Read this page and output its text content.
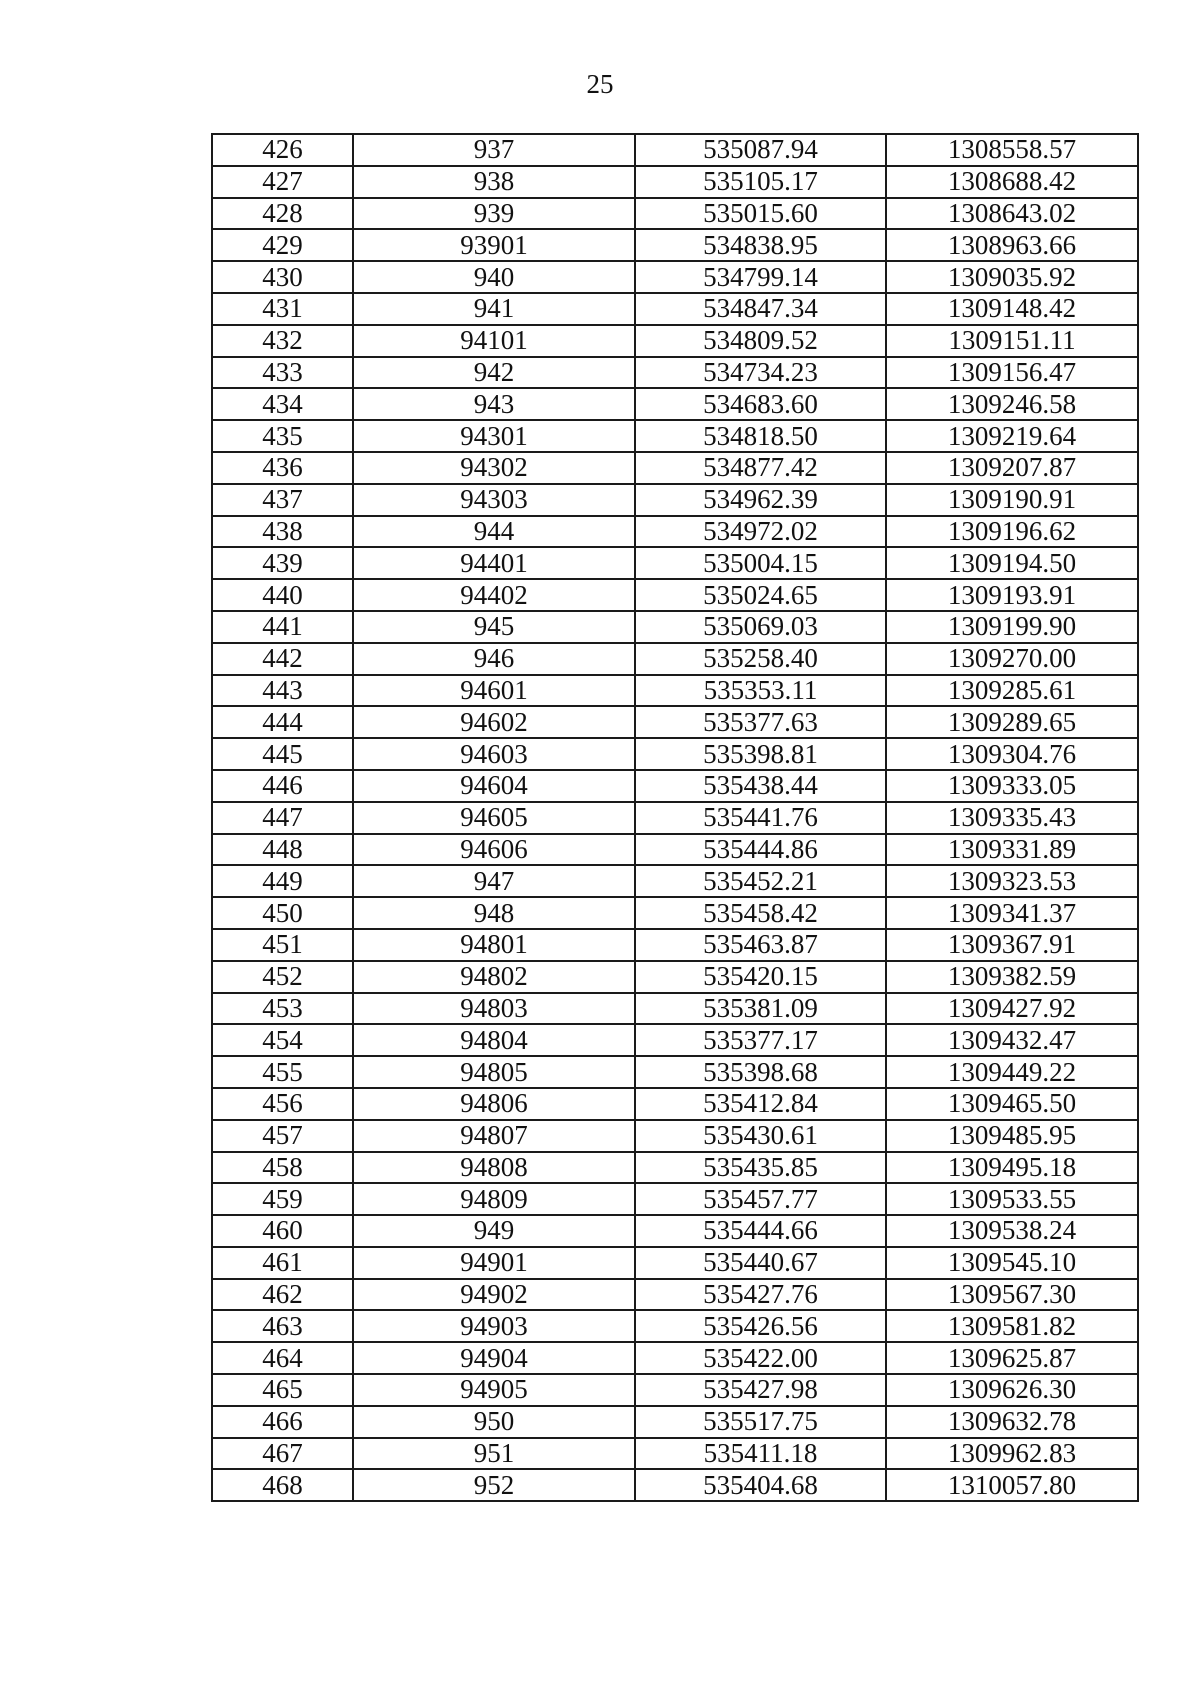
25
426	937	535087.94	1308558.57
427	938	535105.17	1308688.42
428	939	535015.60	1308643.02
429	93901	534838.95	1308963.66
430	940	534799.14	1309035.92
431	941	534847.34	1309148.42
432	94101	534809.52	1309151.11
433	942	534734.23	1309156.47
434	943	534683.60	1309246.58
435	94301	534818.50	1309219.64
436	94302	534877.42	1309207.87
437	94303	534962.39	1309190.91
438	944	534972.02	1309196.62
439	94401	535004.15	1309194.50
440	94402	535024.65	1309193.91
441	945	535069.03	1309199.90
442	946	535258.40	1309270.00
443	94601	535353.11	1309285.61
444	94602	535377.63	1309289.65
445	94603	535398.81	1309304.76
446	94604	535438.44	1309333.05
447	94605	535441.76	1309335.43
448	94606	535444.86	1309331.89
449	947	535452.21	1309323.53
450	948	535458.42	1309341.37
451	94801	535463.87	1309367.91
452	94802	535420.15	1309382.59
453	94803	535381.09	1309427.92
454	94804	535377.17	1309432.47
455	94805	535398.68	1309449.22
456	94806	535412.84	1309465.50
457	94807	535430.61	1309485.95
458	94808	535435.85	1309495.18
459	94809	535457.77	1309533.55
460	949	535444.66	1309538.24
461	94901	535440.67	1309545.10
462	94902	535427.76	1309567.30
463	94903	535426.56	1309581.82
464	94904	535422.00	1309625.87
465	94905	535427.98	1309626.30
466	950	535517.75	1309632.78
467	951	535411.18	1309962.83
468	952	535404.68	1310057.80
